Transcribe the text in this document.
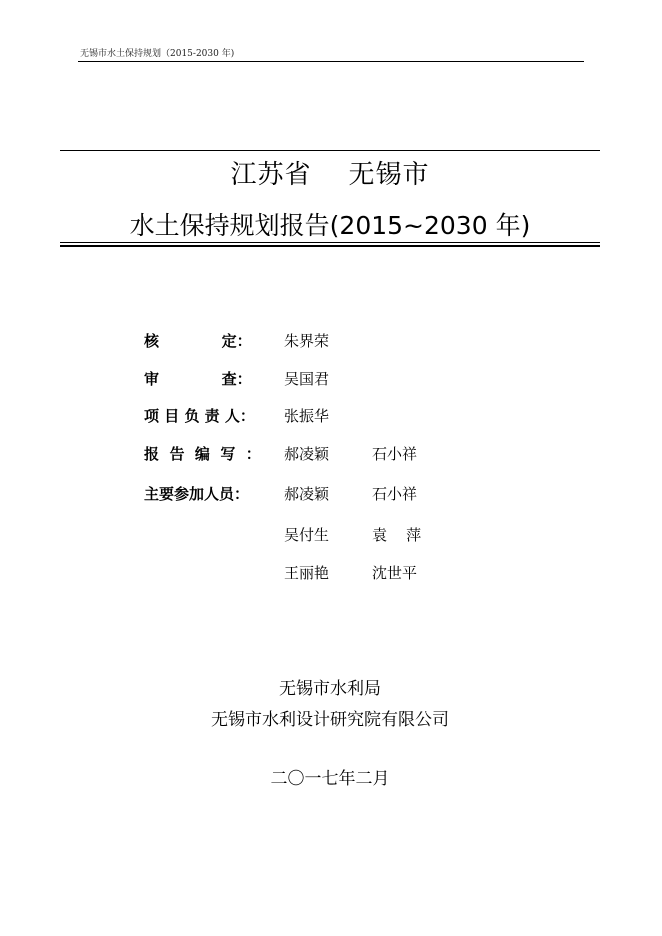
无锡市水土保持规划（2015-2030 年)
江苏省    无锡市
水土保持规划报告(2015~2030 年)
核            定： 朱界荣
审            查： 吴国君
项 目 负 责 人： 张振华
报  告  编  写  ： 郝凌颖	石小祥
主要参加人员： 郝凌颖	石小祥
吴付生	袁    萍
王丽艳	沈世平
无锡市水利局
无锡市水利设计研究院有限公司
二〇一七年二月
